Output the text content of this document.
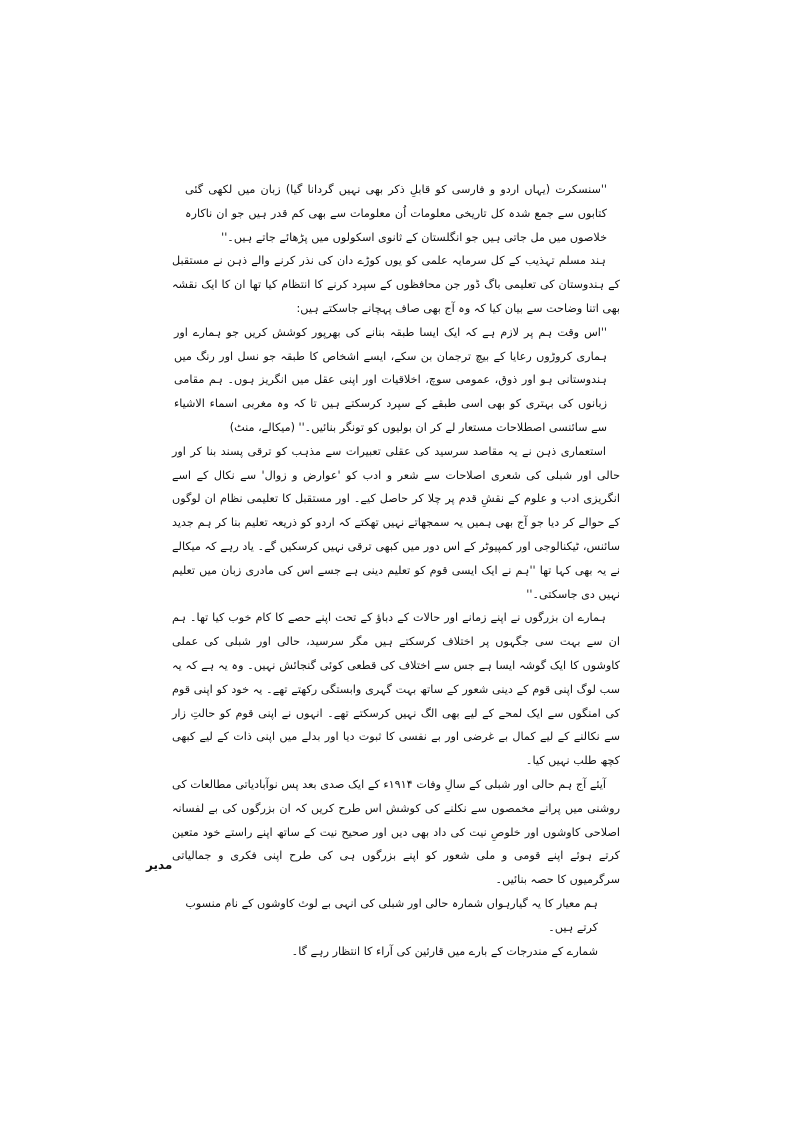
''سنسکرت (یہاں اردو و فارسی کو قابلِ ذکر بھی نہیں گردانا گیا) زبان میں لکھی گئی کتابوں سے جمع شدہ کل تاریخی معلومات اُن معلومات سے بھی کم قدر ہیں جو ان ناکارہ خلاصوں میں مل جاتی ہیں جو انگلستان کے ثانوی اسکولوں میں پڑھائے جاتے ہیں۔''

ہند مسلم تہذیب کے کل سرمایہ علمی کو یوں کوڑے دان کی نذر کرنے والے ذہن نے مستقبل کے ہندوستان کی تعلیمی باگ ڈور جن محافظوں کے سپرد کرنے کا انتظام کیا تھا ان کا ایک نقشہ بھی اتنا وضاحت سے بیان کیا کہ وہ آج بھی صاف پہچانے جاسکتے ہیں:

''اس وقت ہم پر لازم ہے کہ ایک ایسا طبقہ بنانے کی بھرپور کوشش کریں جو ہمارے اور ہماری کروڑوں رعایا کے بیچ ترجمان بن سکے، ایسے اشخاص کا طبقہ جو نسل اور رنگ میں ہندوستانی ہو اور ذوق، عمومی سوچ، اخلاقیات اور اپنی عقل میں انگریز ہوں۔ ہم مقامی زبانوں کی بہتری کو بھی اسی طبقے کے سپرد کرسکتے ہیں تا کہ وہ مغربی اسماء الاشیاء سے سائنسی اصطلاحات مستعار لے کر ان بولیوں کو تونگر بنائیں۔'' (میکالے، منٹ)

استعماری ذہن نے یہ مقاصد سرسید کی عقلی تعبیرات سے مذہب کو ترقی پسند بنا کر اور حالی اور شبلی کی شعری اصلاحات سے شعر و ادب کو 'عوارض و زوال' سے نکال کے اسے انگریزی ادب و علوم کے نقشِ قدم پر چلا کر حاصل کیے۔ اور مستقبل کا تعلیمی نظام ان لوگوں کے حوالے کر دیا جو آج بھی ہمیں یہ سمجھاتے نہیں تھکتے کہ اردو کو ذریعہ تعلیم بنا کر ہم جدید سائنس، ٹیکنالوجی اور کمپیوٹر کے اس دور میں کبھی ترقی نہیں کرسکیں گے۔ یاد رہے کہ میکالے نے یہ بھی کہا تھا ''ہم نے ایک ایسی قوم کو تعلیم دینی ہے جسے اس کی مادری زبان میں تعلیم نہیں دی جاسکتی۔''

ہمارے ان بزرگوں نے اپنے زمانے اور حالات کے دباؤ کے تحت اپنے حصے کا کام خوب کیا تھا۔ ہم ان سے بہت سی جگہوں پر اختلاف کرسکتے ہیں مگر سرسید، حالی اور شبلی کی عملی کاوشوں کا ایک گوشہ ایسا ہے جس سے اختلاف کی قطعی کوئی گنجائش نہیں۔ وہ یہ ہے کہ یہ سب لوگ اپنی قوم کے دینی شعور کے ساتھ بہت گہری وابستگی رکھتے تھے۔ یہ خود کو اپنی قوم کی امنگوں سے ایک لمحے کے لیے بھی الگ نہیں کرسکتے تھے۔ انہوں نے اپنی قوم کو حالتِ زار سے نکالنے کے لیے کمال بے غرضی اور بے نفسی کا ثبوت دیا اور بدلے میں اپنی ذات کے لیے کبھی کچھ طلب نہیں کیا۔

آیئے آج ہم حالی اور شبلی کے سالِ وفات ۱۹۱۴ء کے ایک صدی بعد پس نوآبادیاتی مطالعات کی روشنی میں پرانے مخمصوں سے نکلنے کی کوشش اس طرح کریں کہ ان بزرگوں کی بے لفسانہ اصلاحی کاوشوں اور خلوصِ نیت کی داد بھی دیں اور صحیح نیت کے ساتھ اپنے راستے خود متعین کرتے ہوئے اپنے قومی و ملی شعور کو اپنے بزرگوں ہی کی طرح اپنی فکری و جمالیاتی سرگرمیوں کا حصہ بنائیں۔

ہم معیار کا یہ گیارہواں شمارہ حالی اور شبلی کی انہی بے لوث کاوشوں کے نام منسوب کرتے ہیں۔

شمارے کے مندرجات کے بارے میں قارئین کی آراء کا انتظار رہے گا۔

مدیر
